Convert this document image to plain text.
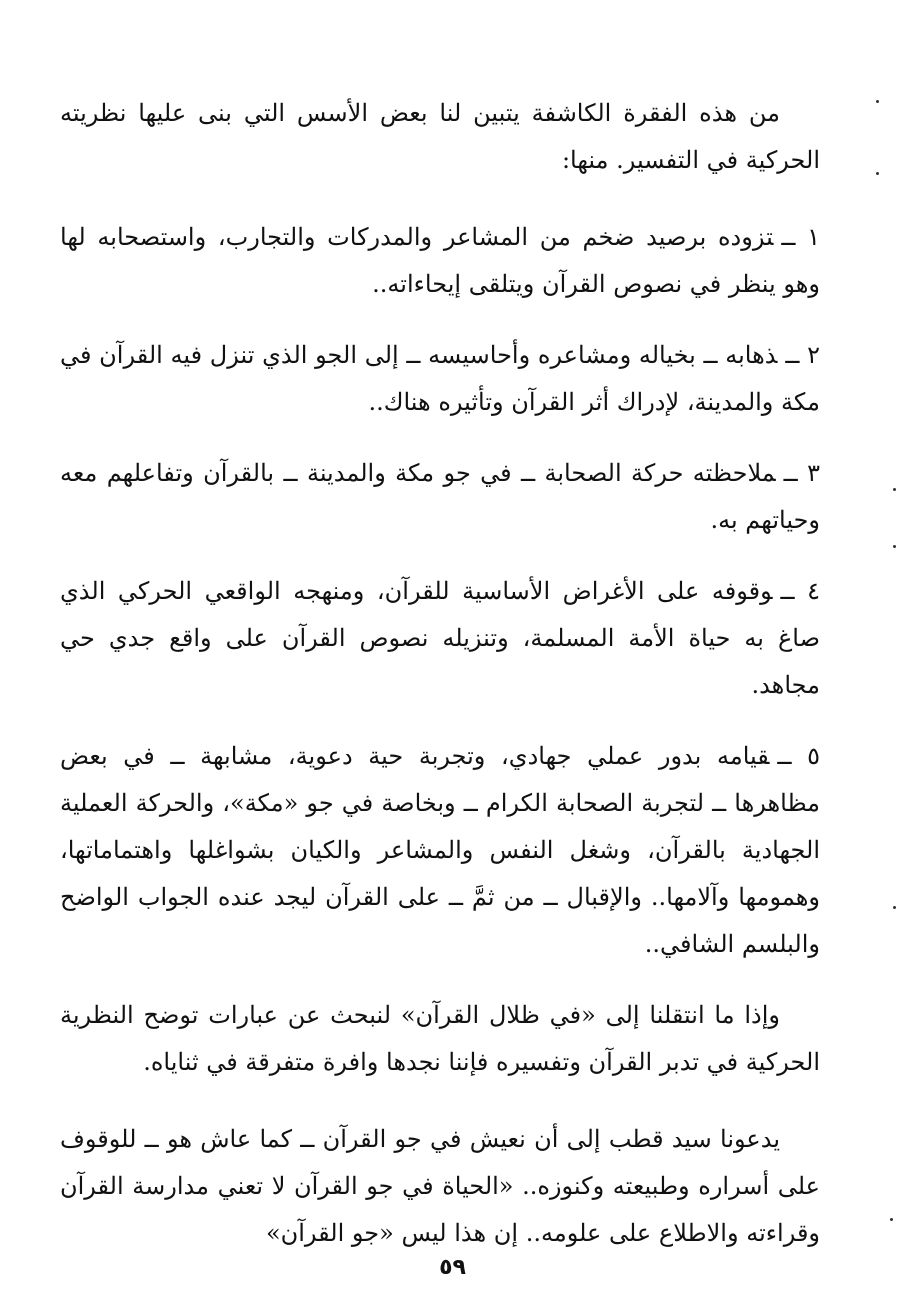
من هذه الفقرة الكاشفة يتبين لنا بعض الأسس التي بنى عليها نظريته الحركية في التفسير. منها:

١ ــتزوده برصيد ضخم من المشاعر والمدركات والتجارب، واستصحابه لها وهو ينظر في نصوص القرآن ويتلقى إيحاءاته..

٢ ــذهابه ــ بخياله ومشاعره وأحاسيسه ــ إلى الجو الذي تنزل فيه القرآن في مكة والمدينة، لإدراك أثر القرآن وتأثيره هناك..

٣ ــملاحظته حركة الصحابة ــ في جو مكة والمدينة ــ بالقرآن وتفاعلهم معه وحياتهم به.

٤ ــوقوفه على الأغراض الأساسية للقرآن، ومنهجه الواقعي الحركي الذي صاغ به حياة الأمة المسلمة، وتنزيله نصوص القرآن على واقع جدي حي مجاهد.

٥ ــقيامه بدور عملي جهادي، وتجربة حية دعوية، مشابهة ــ في بعض مظاهرها ــ لتجربة الصحابة الكرام ــ وبخاصة في جو «مكة»، والحركة العملية الجهادية بالقرآن، وشغل النفس والمشاعر والكيان بشواغلها واهتماماتها، وهمومها وآلامها.. والإقبال ــ من ثمَّ ــ على القرآن ليجد عنده الجواب الواضح والبلسم الشافي..

وإذا ما انتقلنا إلى «في ظلال القرآن» لنبحث عن عبارات توضح النظرية الحركية في تدبر القرآن وتفسيره فإننا نجدها وافرة متفرقة في ثناياه.

يدعونا سيد قطب إلى أن نعيش في جو القرآن ــ كما عاش هو ــ للوقوف على أسراره وطبيعته وكنوزه.. «الحياة في جو القرآن لا تعني مدارسة القرآن وقراءته والاطلاع على علومه.. إن هذا ليس «جو القرآن»

٥٩
